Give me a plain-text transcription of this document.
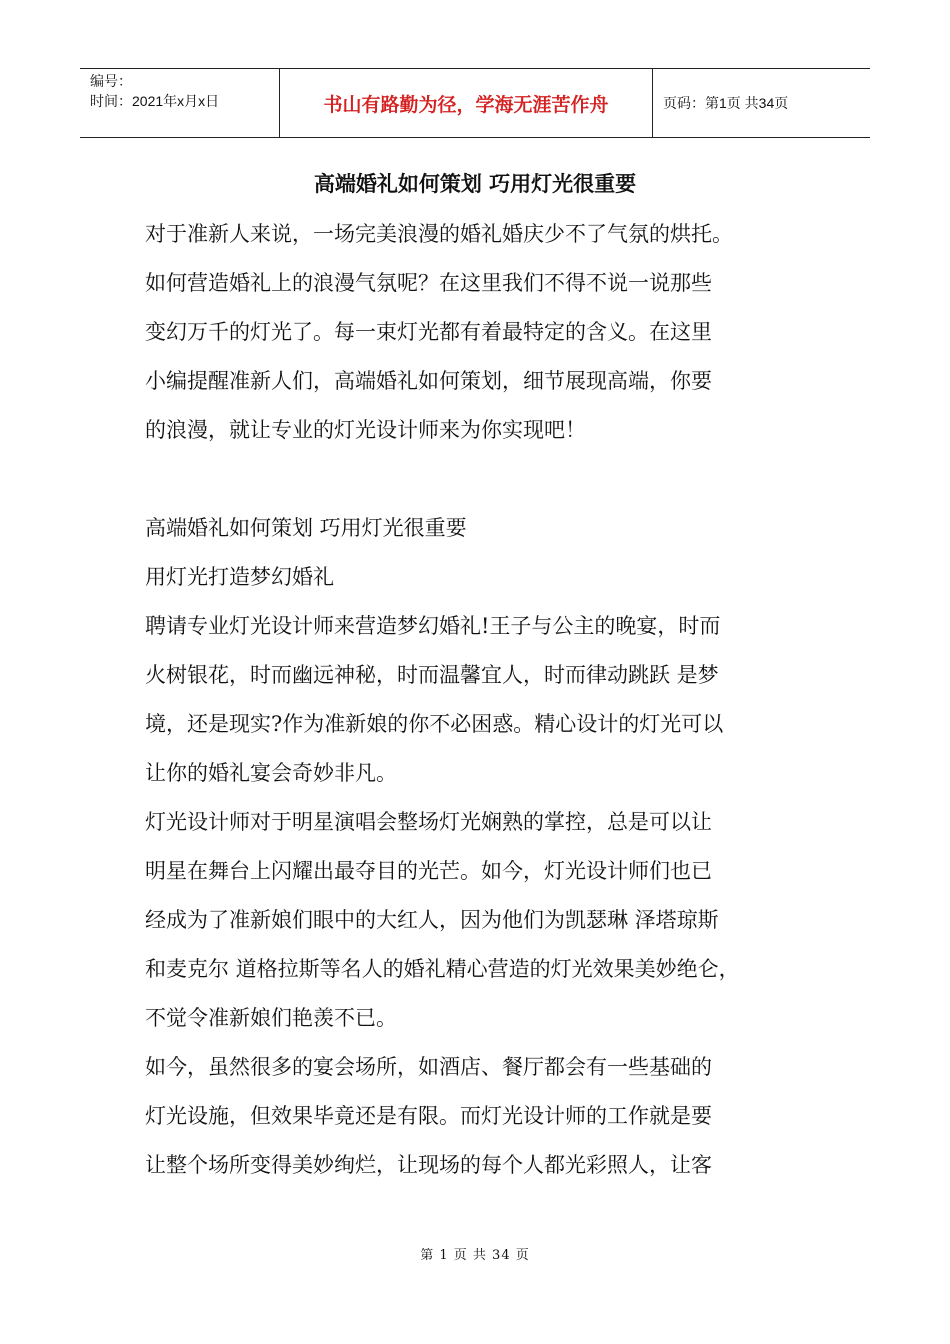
编号：
时间：2021年x月x日	书山有路勤为径，学海无涯苦作舟	页码：第1页 共34页
高端婚礼如何策划 巧用灯光很重要

对于准新人来说，一场完美浪漫的婚礼婚庆少不了气氛的烘托。

如何营造婚礼上的浪漫气氛呢？在这里我们不得不说一说那些

变幻万千的灯光了。每一束灯光都有着最特定的含义。在这里

小编提醒准新人们，高端婚礼如何策划，细节展现高端，你要

的浪漫，就让专业的灯光设计师来为你实现吧！

高端婚礼如何策划 巧用灯光很重要

用灯光打造梦幻婚礼

聘请专业灯光设计师来营造梦幻婚礼!王子与公主的晚宴，时而

火树银花，时而幽远神秘，时而温馨宜人，时而律动跳跃 是梦

境，还是现实?作为准新娘的你不必困惑。精心设计的灯光可以

让你的婚礼宴会奇妙非凡。

灯光设计师对于明星演唱会整场灯光娴熟的掌控，总是可以让

明星在舞台上闪耀出最夺目的光芒。如今，灯光设计师们也已

经成为了准新娘们眼中的大红人，因为他们为凯瑟琳 泽塔琼斯

和麦克尔 道格拉斯等名人的婚礼精心营造的灯光效果美妙绝仑，

不觉令准新娘们艳羡不已。

如今，虽然很多的宴会场所，如酒店、餐厅都会有一些基础的

灯光设施，但效果毕竟还是有限。而灯光设计师的工作就是要

让整个场所变得美妙绚烂，让现场的每个人都光彩照人，让客

第 1 页 共 34 页
